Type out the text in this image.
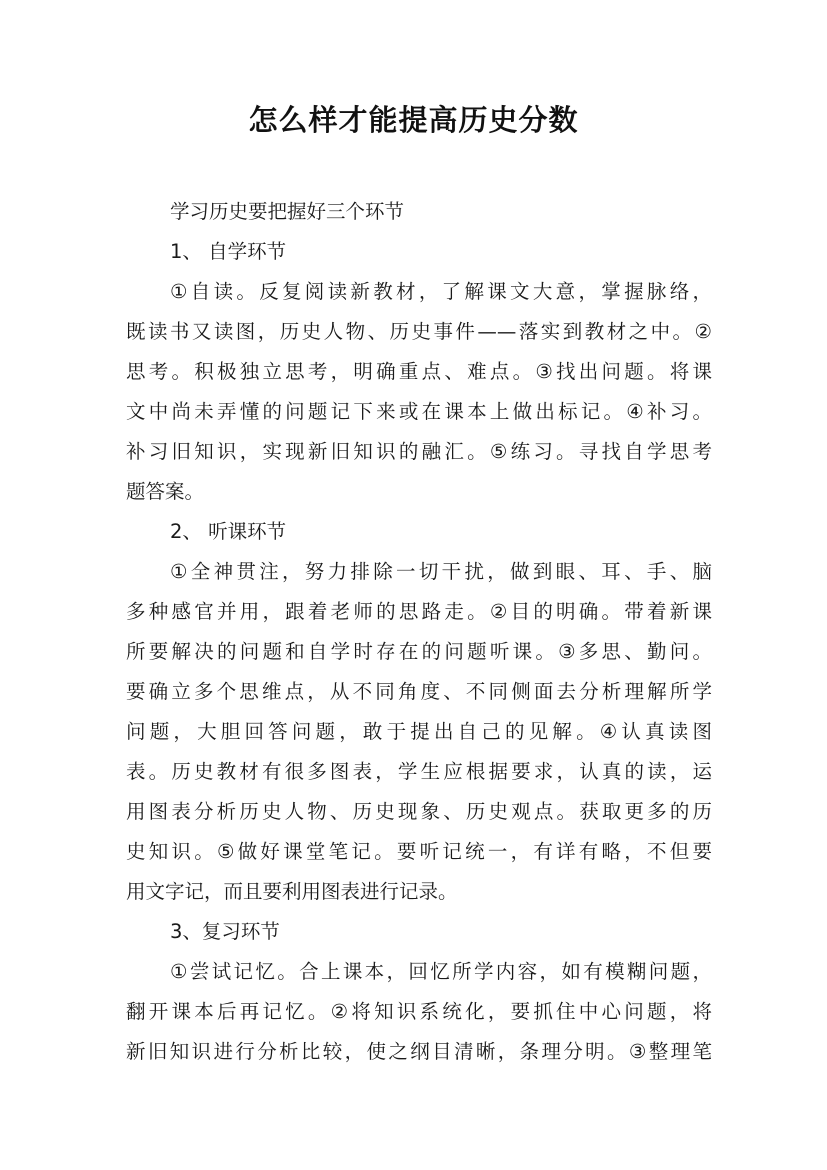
怎么样才能提高历史分数
学习历史要把握好三个环节
1、 自学环节
①自读。反复阅读新教材，了解课文大意，掌握脉络，
既读书又读图，历史人物、历史事件——落实到教材之中。②
思考。积极独立思考，明确重点、难点。③找出问题。将课
文中尚未弄懂的问题记下来或在课本上做出标记。④补习。
补习旧知识，实现新旧知识的融汇。⑤练习。寻找自学思考
题答案。
2、 听课环节
①全神贯注，努力排除一切干扰，做到眼、耳、手、脑
多种感官并用，跟着老师的思路走。②目的明确。带着新课
所要解决的问题和自学时存在的问题听课。③多思、勤问。
要确立多个思维点，从不同角度、不同侧面去分析理解所学
问题，大胆回答问题，敢于提出自己的见解。④认真读图
表。历史教材有很多图表，学生应根据要求，认真的读，运
用图表分析历史人物、历史现象、历史观点。获取更多的历
史知识。⑤做好课堂笔记。要听记统一，有详有略，不但要
用文字记，而且要利用图表进行记录。
3、复习环节
①尝试记忆。合上课本，回忆所学内容，如有模糊问题，
翻开课本后再记忆。②将知识系统化，要抓住中心问题，将
新旧知识进行分析比较，使之纲目清晰，条理分明。③整理笔
